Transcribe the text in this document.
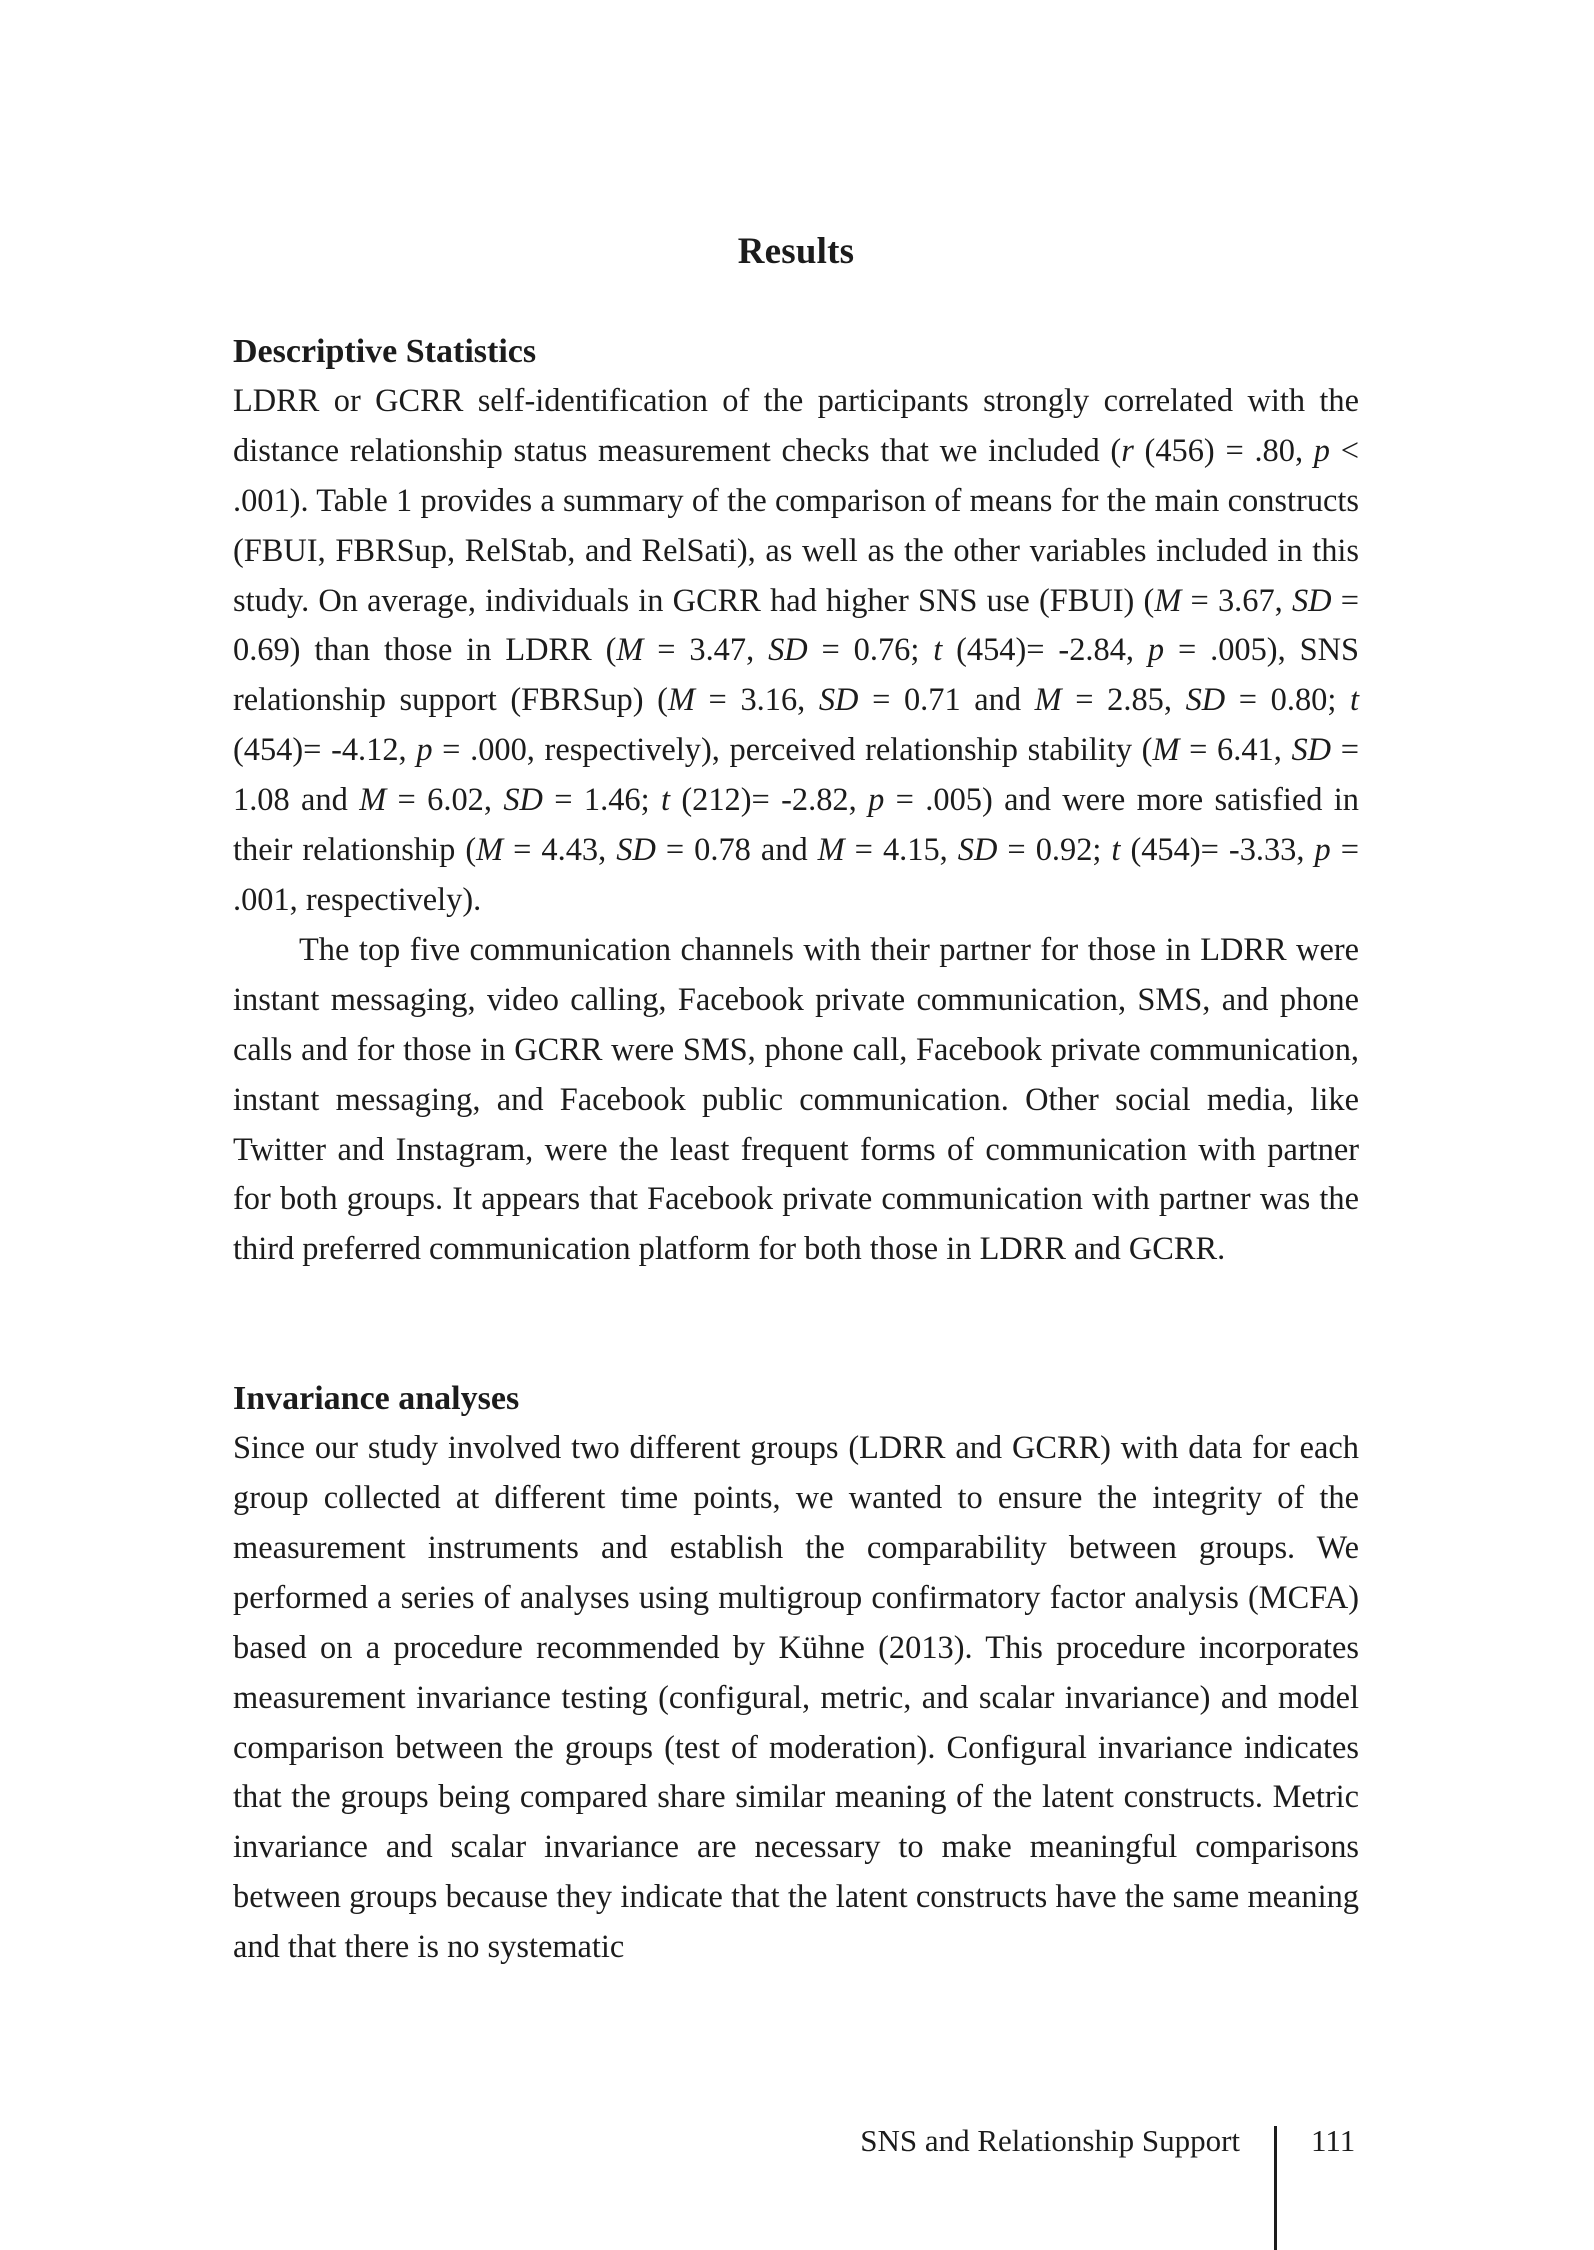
Results
Descriptive Statistics

LDRR or GCRR self-identification of the participants strongly correlated with the distance relationship status measurement checks that we included (r (456) = .80, p < .001). Table 1 provides a summary of the comparison of means for the main constructs (FBUI, FBRSup, RelStab, and RelSati), as well as the other variables included in this study. On average, individuals in GCRR had higher SNS use (FBUI) (M = 3.67, SD = 0.69) than those in LDRR (M = 3.47, SD = 0.76; t (454)= -2.84, p = .005), SNS relationship support (FBRSup) (M = 3.16, SD = 0.71 and M = 2.85, SD = 0.80; t (454)= -4.12, p = .000, respectively), perceived relationship stability (M = 6.41, SD = 1.08 and M = 6.02, SD = 1.46; t (212)= -2.82, p = .005) and were more satisfied in their relationship (M = 4.43, SD = 0.78 and M = 4.15, SD = 0.92; t (454)= -3.33, p = .001, respectively).

The top five communication channels with their partner for those in LDRR were instant messaging, video calling, Facebook private communication, SMS, and phone calls and for those in GCRR were SMS, phone call, Facebook private communication, instant messaging, and Facebook public communication. Other social media, like Twitter and Instagram, were the least frequent forms of communication with partner for both groups. It appears that Facebook private communication with partner was the third preferred communication platform for both those in LDRR and GCRR.

Invariance analyses

Since our study involved two different groups (LDRR and GCRR) with data for each group collected at different time points, we wanted to ensure the integrity of the measurement instruments and establish the comparability between groups. We performed a series of analyses using multigroup confirmatory factor analysis (MCFA) based on a procedure recommended by Kühne (2013). This procedure incorporates measurement invariance testing (configural, metric, and scalar invariance) and model comparison between the groups (test of moderation). Configural invariance indicates that the groups being compared share similar meaning of the latent constructs. Metric invariance and scalar invariance are necessary to make meaningful comparisons between groups because they indicate that the latent constructs have the same meaning and that there is no systematic

SNS and Relationship Support 111
